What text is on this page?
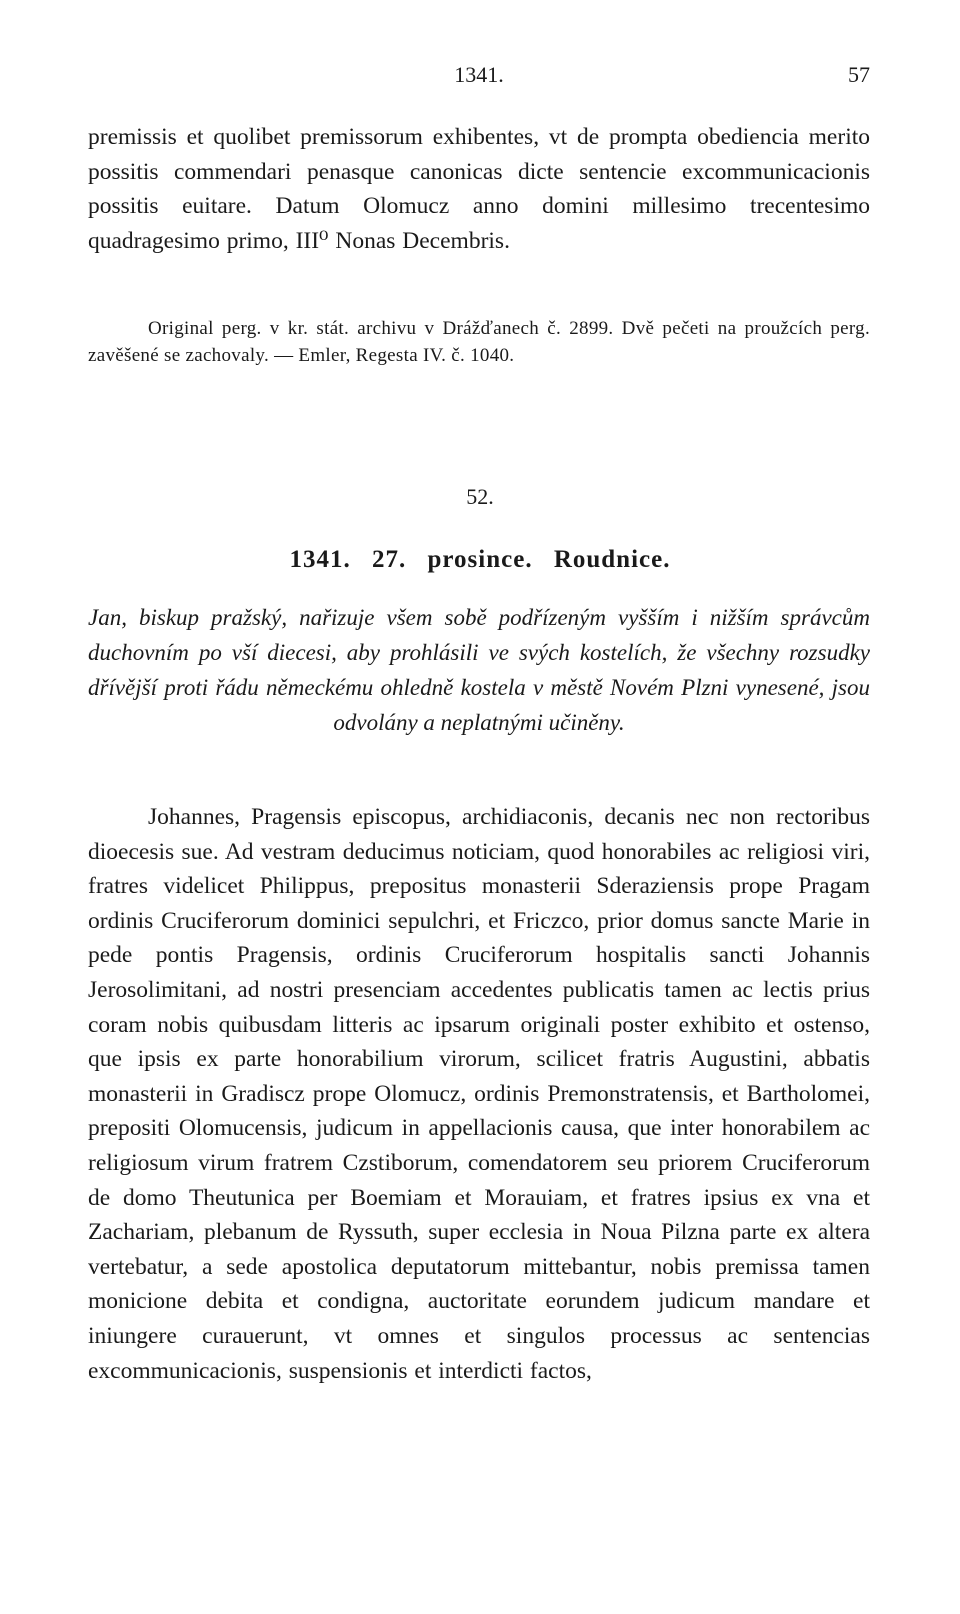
1341.	57

premissis et quolibet premissorum exhibentes, vt de prompta obediencia merito possitis commendari penasque canonicas dicte sentencie excommunicacionis possitis euitare. Datum Olomucz anno domini millesimo trecentesimo quadragesimo primo, III⁰ Nonas Decembris.

Original perg. v kr. stát. archivu v Drážďanech č. 2899. Dvě pečeti na proužcích perg. zavěšené se zachovaly. — Emler, Regesta IV. č. 1040.

52.
1341. 27. prosince. Roudnice.

Jan, biskup pražský, nařizuje všem sobě podřízeným vyšším i nižším správcům duchovním po vší diecesi, aby prohlásili ve svých kostelích, že všechny rozsudky dřívější proti řádu německému ohledně kostela v městě Novém Plzni vynesené, jsou odvolány a neplatnými učiněny.

Johannes, Pragensis episcopus, archidiaconis, decanis nec non rectoribus dioecesis sue. Ad vestram deducimus noticiam, quod honorabiles ac religiosi viri, fratres videlicet Philippus, prepositus monasterii Sderaziensis prope Pragam ordinis Cruciferorum dominici sepulchri, et Friczco, prior domus sancte Marie in pede pontis Pragensis, ordinis Cruciferorum hospitalis sancti Johannis Jerosolimitani, ad nostri presenciam accedentes publicatis tamen ac lectis prius coram nobis quibusdam litteris ac ipsarum originali poster exhibito et ostenso, que ipsis ex parte honorabilium virorum, scilicet fratris Augustini, abbatis monasterii in Gradiscz prope Olomucz, ordinis Premonstratensis, et Bartholomei, prepositi Olomucensis, judicum in appellacionis causa, que inter honorabilem ac religiosum virum fratrem Czstiborum, comendatorem seu priorem Cruciferorum de domo Theutunica per Boemiam et Morauiam, et fratres ipsius ex vna et Zachariam, plebanum de Ryssuth, super ecclesia in Noua Pilzna parte ex altera vertebatur, a sede apostolica deputatorum mittebantur, nobis premissa tamen monicione debita et condigna, auctoritate eorundem judicum mandare et iniungere curauerunt, vt omnes et singulos processus ac sentencias excommunicacionis, suspensionis et interdicti factos,
